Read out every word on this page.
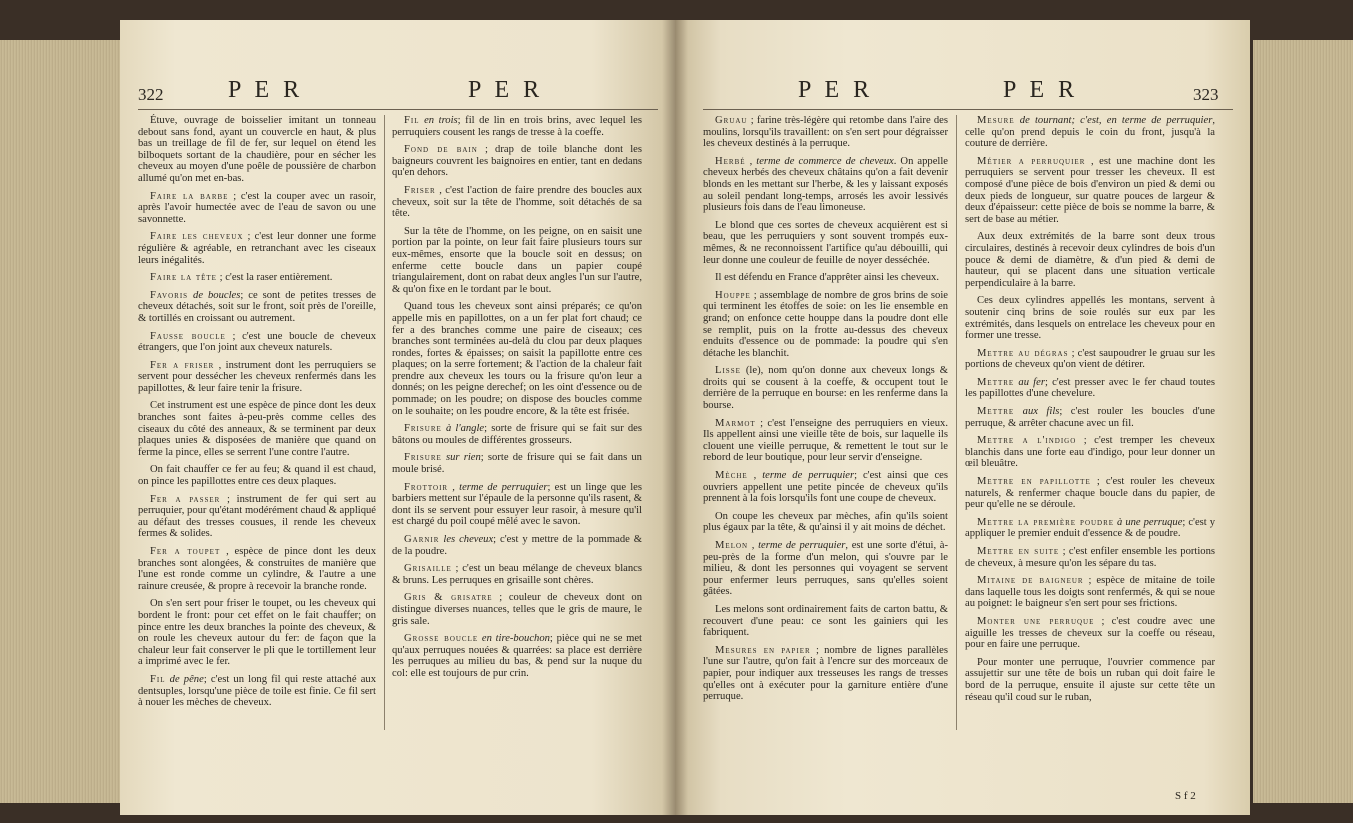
322	P E R	P E R

Étuve, ouvrage de boisselier imitant un tonneau debout sans fond, ayant un couvercle en haut, & plus bas un treillage de fil de fer, sur lequel on étend les bilboquets sortant de la chaudière, pour en sécher les cheveux au moyen d'une poêle de poussière de charbon allumé qu'on met en-bas.

Faire la barbe ; c'est la couper avec un rasoir, après l'avoir humectée avec de l'eau de savon ou une savonnette.

Faire les cheveux ; c'est leur donner une forme régulière & agréable, en retranchant avec les ciseaux leurs inégalités.

Faire la tête ; c'est la raser entièrement.

Favoris de boucles; ce sont de petites tresses de cheveux détachés, soit sur le front, soit près de l'oreille, & tortillés en croissant ou autrement.

Fausse boucle ; c'est une boucle de cheveux étrangers, que l'on joint aux cheveux naturels.

Fer a friser , instrument dont les perruquiers se servent pour dessécher les cheveux renfermés dans les papillottes, & leur faire tenir la frisure.

Cet instrument est une espèce de pince dont les deux branches sont faites à-peu-près comme celles des ciseaux du côté des anneaux, & se terminent par deux plaques unies & disposées de manière que quand on ferme la pince, elles se serrent l'une contre l'autre.

On fait chauffer ce fer au feu; & quand il est chaud, on pince les papillottes entre ces deux plaques.

Fer a passer ; instrument de fer qui sert au perruquier, pour qu'étant modérément chaud & appliqué au défaut des tresses cousues, il rende les cheveux fermes & solides.

Fer a toupet , espèce de pince dont les deux branches sont alongées, & construites de manière que l'une est ronde comme un cylindre, & l'autre a une rainure creusée, & propre à recevoir la branche ronde.

On s'en sert pour friser le toupet, ou les cheveux qui bordent le front: pour cet effet on le fait chauffer; on pince entre les deux branches la pointe des cheveux, & on roule les cheveux autour du fer: de façon que la chaleur leur fait conserver le pli que le tortillement leur a imprimé avec le fer.

Fil de pêne; c'est un long fil qui reste attaché aux dentsuples, lorsqu'une pièce de toile est finie. Ce fil sert à nouer les mèches de cheveux.

Fil en trois; fil de lin en trois brins, avec lequel les perruquiers cousent les rangs de tresse à la coeffe.

Fond de bain ; drap de toile blanche dont les baigneurs couvrent les baignoires en entier, tant en dedans qu'en dehors.

Friser , c'est l'action de faire prendre des boucles aux cheveux, soit sur la tête de l'homme, soit détachés de sa tête.

Sur la tête de l'homme, on les peigne, on en saisit une portion par la pointe, on leur fait faire plusieurs tours sur eux-mêmes, ensorte que la boucle soit en dessus; on enferme cette boucle dans un papier coupé triangulairement, dont on rabat deux angles l'un sur l'autre, & qu'on fixe en le tordant par le bout.

Quand tous les cheveux sont ainsi préparés; ce qu'on appelle mis en papillottes, on a un fer plat fort chaud; ce fer a des branches comme une paire de ciseaux; ces branches sont terminées au-delà du clou par deux plaques rondes, fortes & épaisses; on saisit la papillotte entre ces plaques; on la serre fortement; & l'action de la chaleur fait prendre aux cheveux les tours ou la frisure qu'on leur a donnés; on les peigne derechef; on les oint d'essence ou de pommade; on les poudre; on dispose des boucles comme on le souhaite; on les poudre encore, & la tête est frisée.

Frisure à l'angle; sorte de frisure qui se fait sur des bâtons ou moules de différentes grosseurs.

Frisure sur rien; sorte de frisure qui se fait dans un moule brisé.

Frottoir , terme de perruquier; est un linge que les barbiers mettent sur l'épaule de la personne qu'ils rasent, & dont ils se servent pour essuyer leur rasoir, à mesure qu'il est chargé du poil coupé mêlé avec le savon.

Garnir les cheveux; c'est y mettre de la pommade & de la poudre.

Grisaille ; c'est un beau mélange de cheveux blancs & bruns. Les perruques en grisaille sont chères.

Gris & grisatre ; couleur de cheveux dont on distingue diverses nuances, telles que le gris de maure, le gris sale.

Grosse boucle en tire-bouchon; pièce qui ne se met qu'aux perruques nouées & quarrées: sa place est derrière les perruques au milieu du bas, & pend sur la nuque du col: elle est toujours de pur crin.

P E R	P E R	323

Gruau ; farine très-légère qui retombe dans l'aire des moulins, lorsqu'ils travaillent: on s'en sert pour dégraisser les cheveux destinés à la perruque.

Herbé , terme de commerce de cheveux. On appelle cheveux herbés des cheveux châtains qu'on a fait devenir blonds en les mettant sur l'herbe, & les y laissant exposés au soleil pendant long-temps, arrosés les avoir lessivés plusieurs fois dans de l'eau limoneuse.

Le blond que ces sortes de cheveux acquièrent est si beau, que les perruquiers y sont souvent trompés eux-mêmes, & ne reconnoissent l'artifice qu'au débouilli, qui leur donne une couleur de feuille de noyer desséchée.

Il est défendu en France d'apprêter ainsi les cheveux.

Houppe ; assemblage de nombre de gros brins de soie qui terminent les étoffes de soie: on les lie ensemble en grand; on enfonce cette houppe dans la poudre dont elle se remplit, puis on la frotte au-dessus des cheveux enduits d'essence ou de pommade: la poudre qui s'en détache les blanchit.

Lisse (le), nom qu'on donne aux cheveux longs & droits qui se cousent à la coeffe, & occupent tout le derrière de la perruque en bourse: en les renferme dans la bourse.

Marmot ; c'est l'enseigne des perruquiers en vieux. Ils appellent ainsi une vieille tête de bois, sur laquelle ils clouent une vieille perruque, & remettent le tout sur le rebord de leur boutique, pour leur servir d'enseigne.

Mèche , terme de perruquier; c'est ainsi que ces ouvriers appellent une petite pincée de cheveux qu'ils prennent à la fois lorsqu'ils font une coupe de cheveux.

On coupe les cheveux par mèches, afin qu'ils soient plus égaux par la tête, & qu'ainsi il y ait moins de déchet.

Melon , terme de perruquier, est une sorte d'étui, à-peu-près de la forme d'un melon, qui s'ouvre par le milieu, & dont les personnes qui voyagent se servent pour enfermer leurs perruques, sans qu'elles soient gâtées.

Les melons sont ordinairement faits de carton battu, & recouvert d'une peau: ce sont les gainiers qui les fabriquent.

Mesures en papier ; nombre de lignes parallèles l'une sur l'autre, qu'on fait à l'encre sur des morceaux de papier, pour indiquer aux tresseuses les rangs de tresses qu'elles ont à exécuter pour la garniture entière d'une perruque.

Mesure de tournant; c'est, en terme de perruquier, celle qu'on prend depuis le coin du front, jusqu'à la couture de derrière.

Métier a perruquier , est une machine dont les perruquiers se servent pour tresser les cheveux. Il est composé d'une pièce de bois d'environ un pied & demi ou deux pieds de longueur, sur quatre pouces de largeur & deux d'épaisseur: cette pièce de bois se nomme la barre, & sert de base au métier.

Aux deux extrémités de la barre sont deux trous circulaires, destinés à recevoir deux cylindres de bois d'un pouce & demi de diamètre, & d'un pied & demi de hauteur, qui se placent dans une situation verticale perpendiculaire à la barre.

Ces deux cylindres appellés les montans, servent à soutenir cinq brins de soie roulés sur eux par les extrémités, dans lesquels on entrelace les cheveux pour en former une tresse.

Mettre au dégras ; c'est saupoudrer le gruau sur les portions de cheveux qu'on vient de détirer.

Mettre au fer; c'est presser avec le fer chaud toutes les papillottes d'une chevelure.

Mettre aux fils; c'est rouler les boucles d'une perruque, & arrêter chacune avec un fil.

Mettre a l'indigo ; c'est tremper les cheveux blanchis dans une forte eau d'indigo, pour leur donner un œil bleuâtre.

Mettre en papillotte ; c'est rouler les cheveux naturels, & renfermer chaque boucle dans du papier, de peur qu'elle ne se déroule.

Mettre la première poudre à une perruque; c'est y appliquer le premier enduit d'essence & de poudre.

Mettre en suite ; c'est enfiler ensemble les portions de cheveux, à mesure qu'on les sépare du tas.

Mitaine de baigneur ; espèce de mitaine de toile dans laquelle tous les doigts sont renfermés, & qui se noue au poignet: le baigneur s'en sert pour ses frictions.

Monter une perruque ; c'est coudre avec une aiguille les tresses de cheveux sur la coeffe ou réseau, pour en faire une perruque.

Pour monter une perruque, l'ouvrier commence par assujettir sur une tête de bois un ruban qui doit faire le bord de la perruque, ensuite il ajuste sur cette tête un réseau qu'il coud sur le ruban,

S f 2
